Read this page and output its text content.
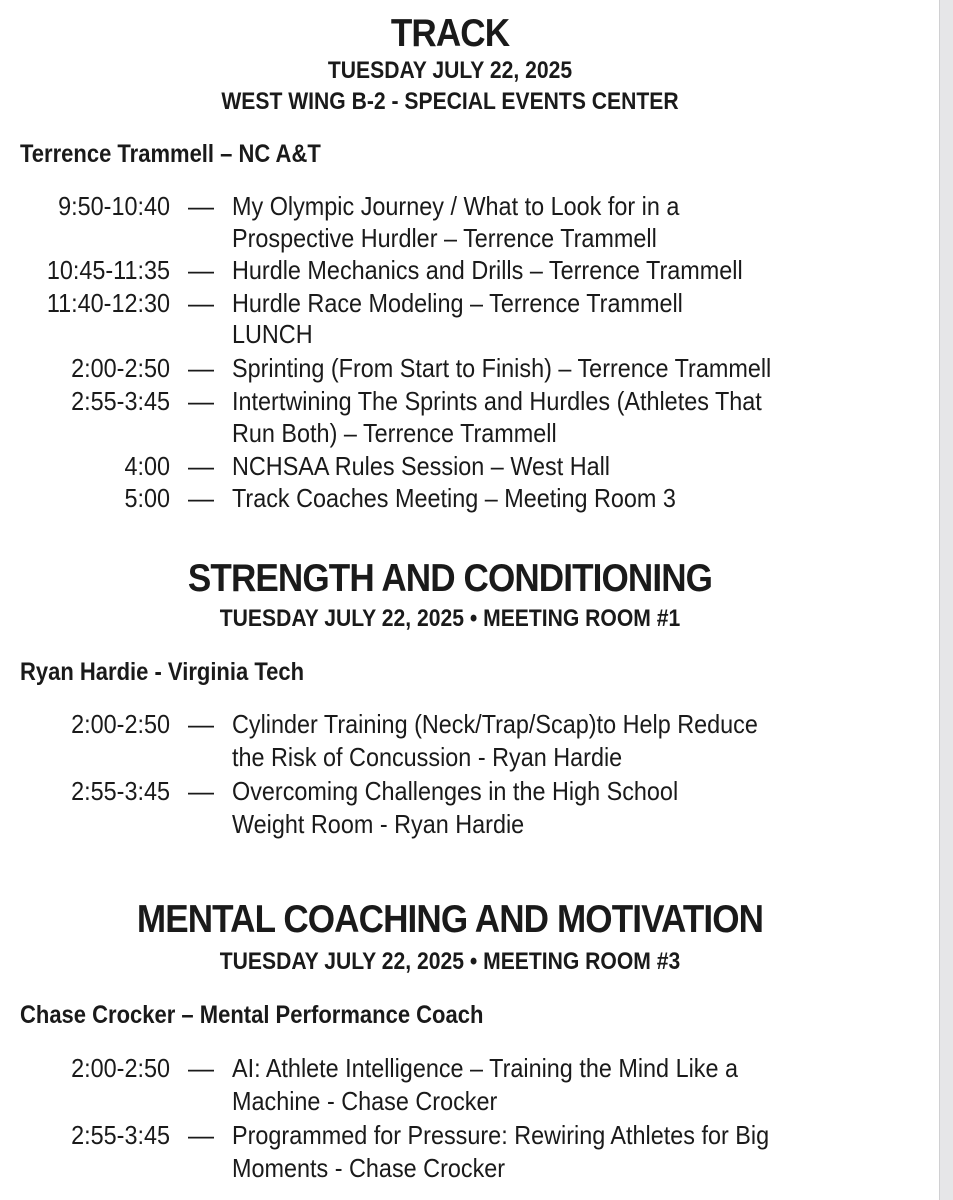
TRACK
TUESDAY JULY 22, 2025
WEST WING B-2 - SPECIAL EVENTS CENTER
Terrence Trammell – NC A&T
9:50-10:40 — My Olympic Journey / What to Look for in a
Prospective Hurdler – Terrence Trammell
10:45-11:35 — Hurdle Mechanics and Drills – Terrence Trammell
11:40-12:30 — Hurdle Race Modeling – Terrence Trammell
LUNCH
2:00-2:50 — Sprinting (From Start to Finish) – Terrence Trammell
2:55-3:45 — Intertwining The Sprints and Hurdles (Athletes That
Run Both) – Terrence Trammell
4:00 — NCHSAA Rules Session – West Hall
5:00 — Track Coaches Meeting – Meeting Room 3
STRENGTH AND CONDITIONING
TUESDAY JULY 22, 2025 • MEETING ROOM #1
Ryan Hardie - Virginia Tech
2:00-2:50 — Cylinder Training (Neck/Trap/Scap)to Help Reduce
the Risk of Concussion - Ryan Hardie
2:55-3:45 — Overcoming Challenges in the High School
Weight Room - Ryan Hardie
MENTAL COACHING AND MOTIVATION
TUESDAY JULY 22, 2025 • MEETING ROOM #3
Chase Crocker – Mental Performance Coach
2:00-2:50 — AI: Athlete Intelligence – Training the Mind Like a
Machine - Chase Crocker
2:55-3:45 — Programmed for Pressure: Rewiring Athletes for Big
Moments - Chase Crocker
